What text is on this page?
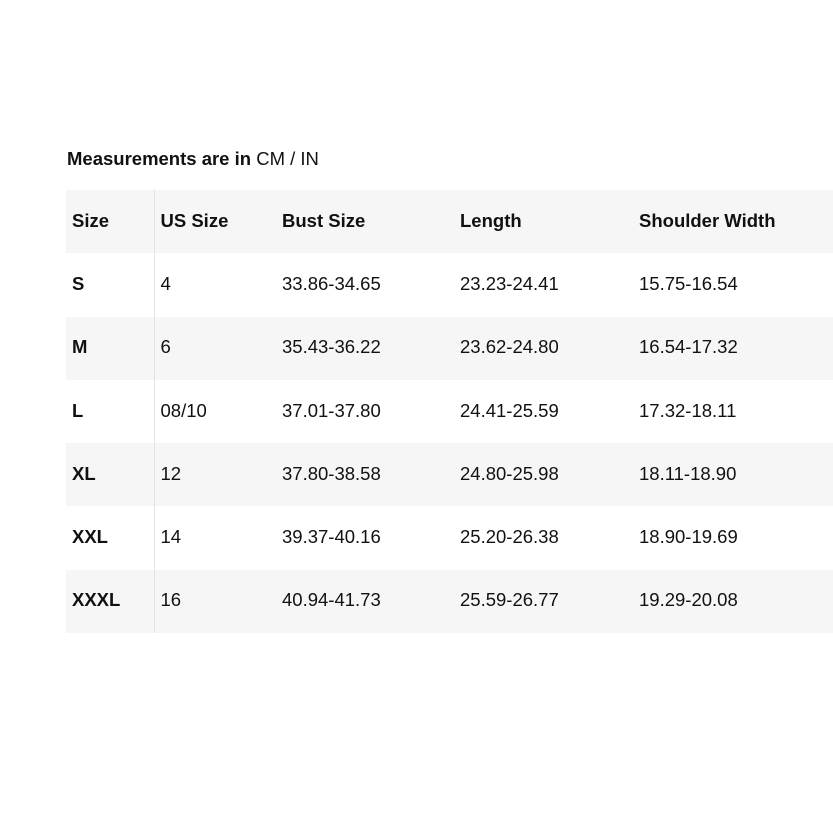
Measurements are in CM / IN
Size	US Size	Bust Size	Length	Shoulder Width
S	4	33.86-34.65	23.23-24.41	15.75-16.54
M	6	35.43-36.22	23.62-24.80	16.54-17.32
L	08/10	37.01-37.80	24.41-25.59	17.32-18.11
XL	12	37.80-38.58	24.80-25.98	18.11-18.90
XXL	14	39.37-40.16	25.20-26.38	18.90-19.69
XXXL	16	40.94-41.73	25.59-26.77	19.29-20.08
